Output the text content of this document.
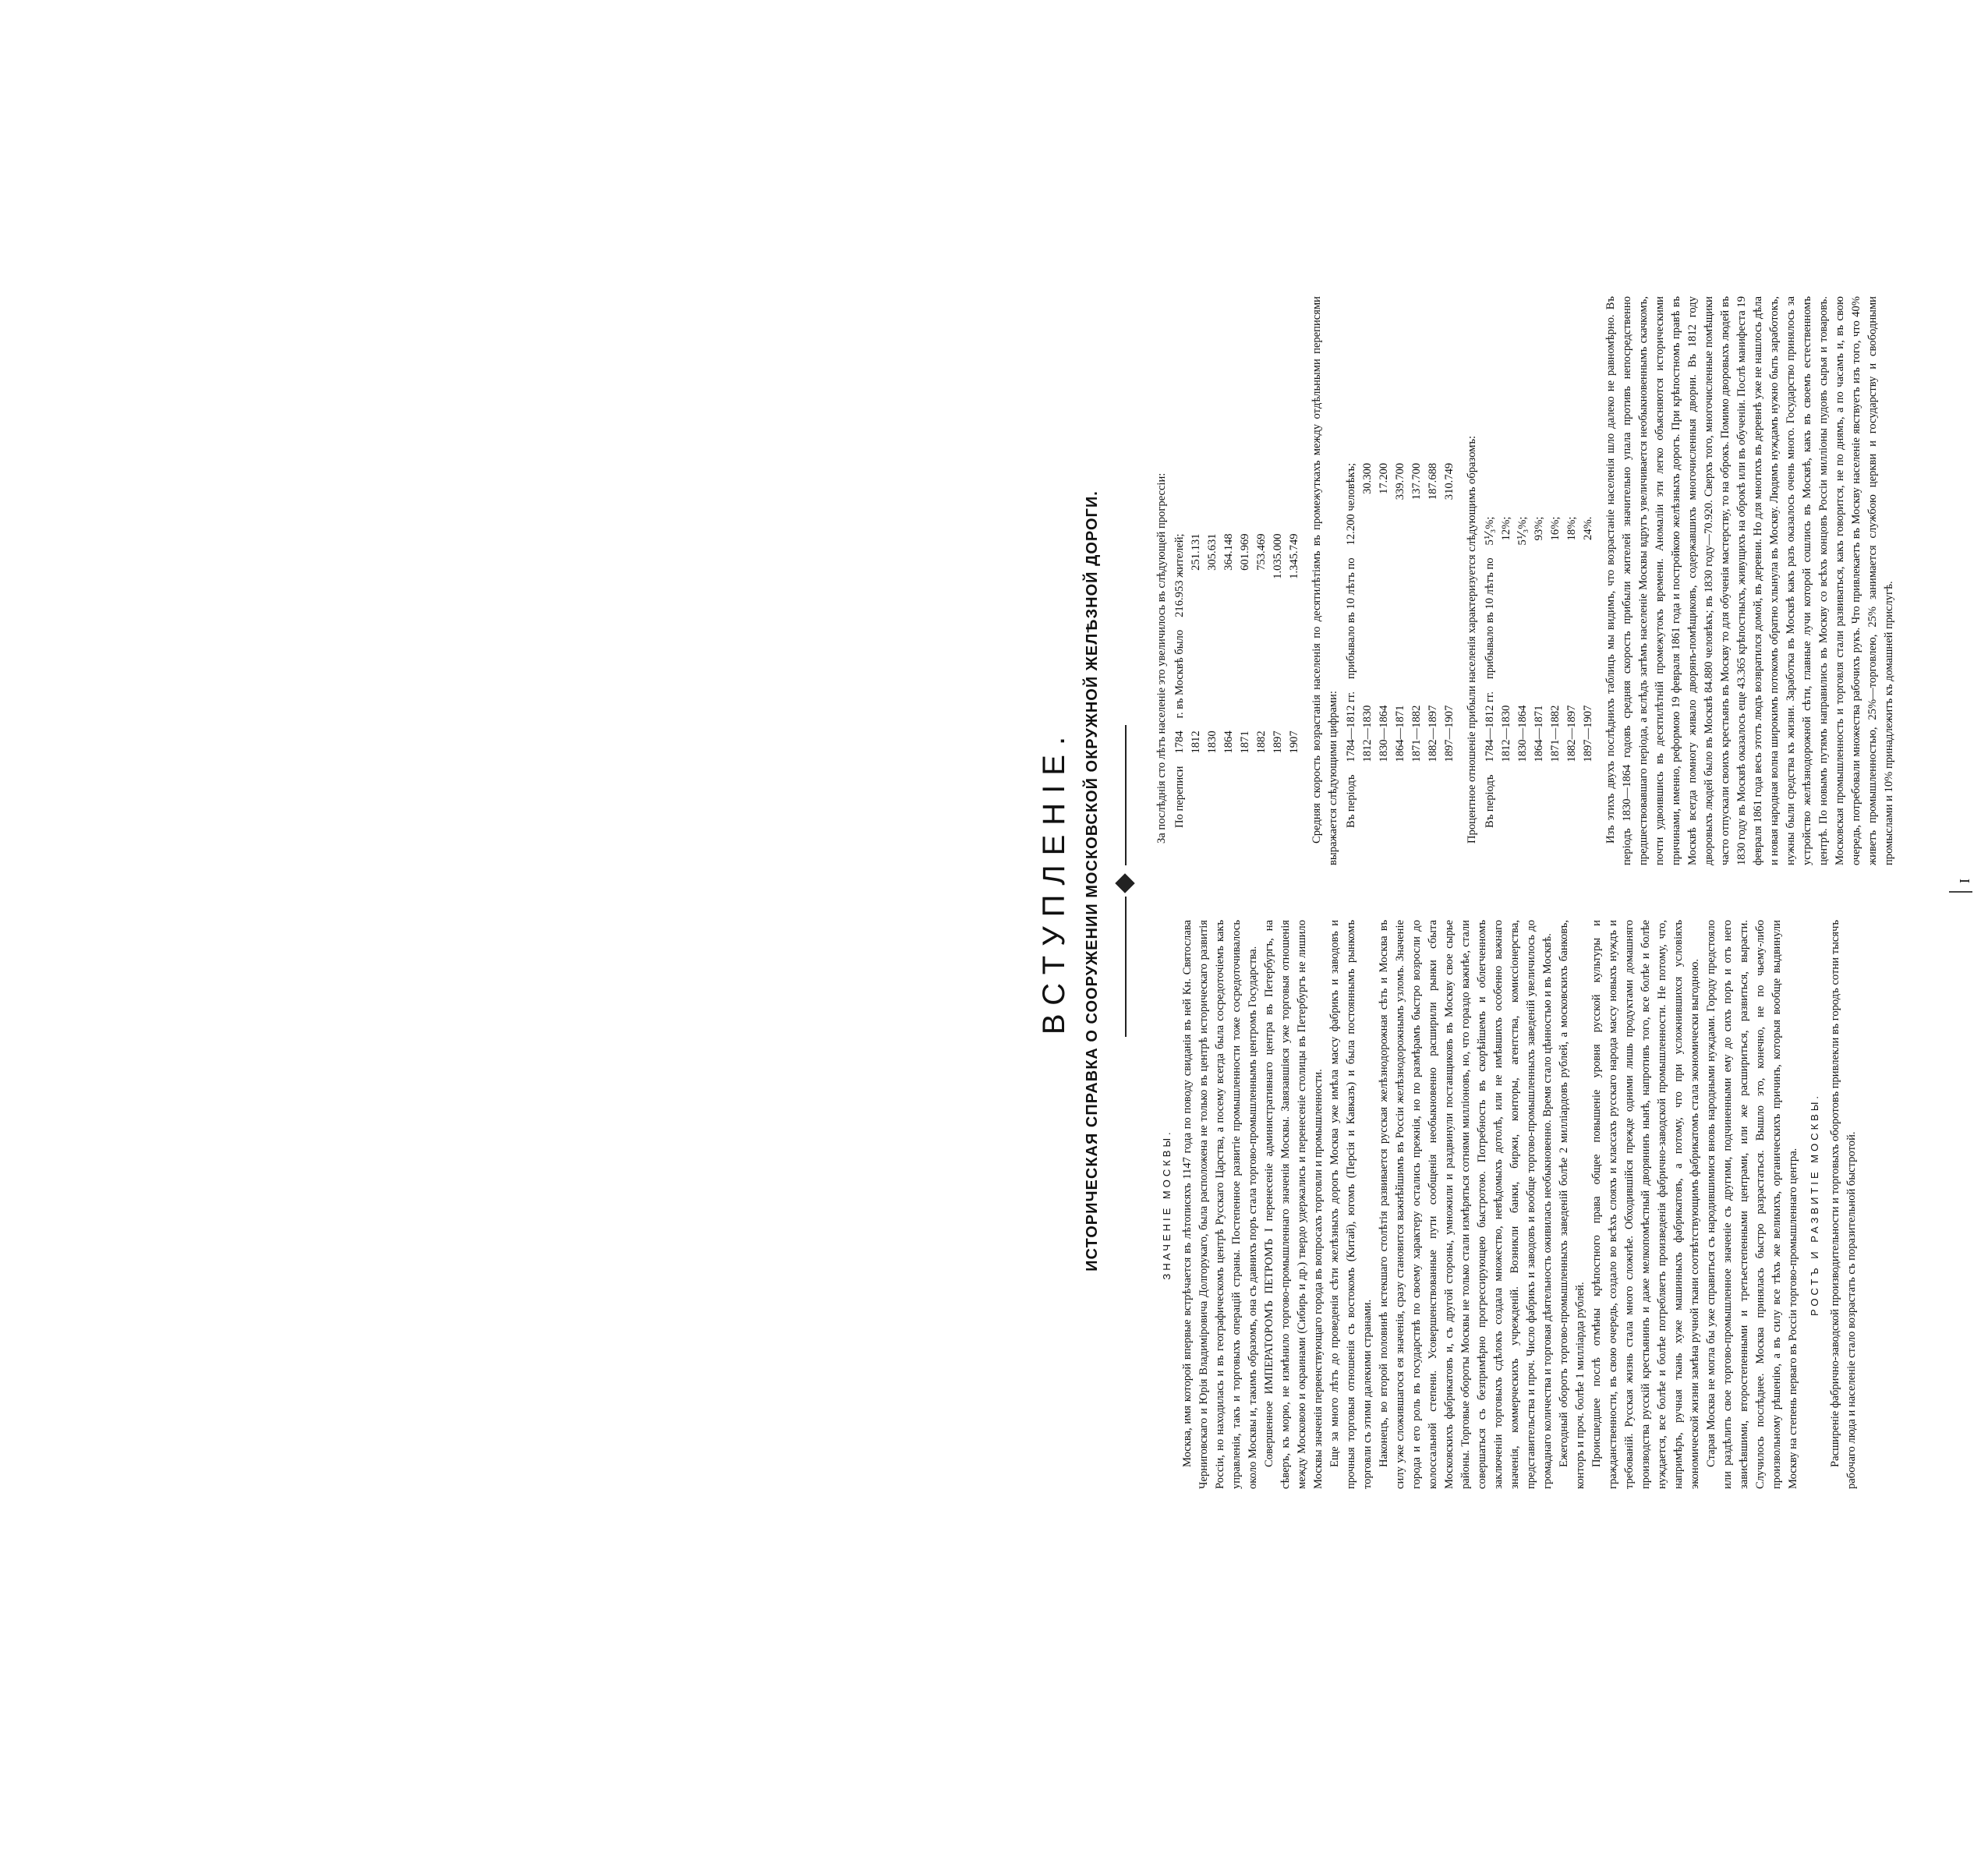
ВСТУПЛЕНІЕ. ИСТОРИЧЕСКАЯ СПРАВКА О СООРУЖЕНИИ МОСКОВСКОЙ ОКРУЖНОЙ ЖЕЛѢЗНОЙ ДОРОГИ.	ЗНАЧЕНІЕ МОСКВЫ. Москва, имя которой впервые встрѣчается въ лѣтописяхъ 1147 года по поводу свиданія въ ней Кн. Святослава Черниговскаго и Юрія Владиміровича Долгорукаго, была расположена не только въ центрѣ историческаго развитія Россіи, но находилась и въ географическомъ центрѣ Русскаго Царства, а посему всегда была сосредоточіемъ какъ управленія, такъ и торговыхъ операцій страны. Постепенное развитіе промышленности тоже сосредоточивалось около Москвы и, такимъ образомъ, она съ давнихъ поръ стала торгово-промышленнымъ центромъ Государства. Совершенное ИМПЕРАТОРОМЪ ПЕТРОМЪ I перенесеніе административнаго центра въ Петербургъ, на сѣверъ, къ морю, не измѣнило торгово-промышленнаго значенія Москвы. Завязавшіяся уже торговыя отношенія между Московою и окраинами (Сибирь и др.) твердо удержались и перенесеніе столицы въ Петербургъ не лишило Москвы значенія первенствующаго города въ вопросахъ торговли и промышленности. Еще за много лѣтъ до проведенія сѣти желѣзныхъ дорогъ Москва уже имѣла массу фабрикъ и заводовъ и прочныя торговыя отношенія съ востокомъ (Китай), югомъ (Персія и Кавказъ) и была постояннымъ рынкомъ торговли съ этими далекими странами. Наконецъ, во второй половинѣ истекшаго столѣтія развивается русская желѣзнодорожная сѣть и Москва въ силу уже сложившагося ея значенія, сразу становится важнѣйшимъ въ Россіи желѣзнодорожнымъ узломъ. Значеніе города и его роль въ государствѣ по своему характеру остались прежнія, но по размѣрамъ быстро возросли до колоссальной степени. Усовершенствованные пути сообщенія необыкновенно расширили рынки сбыта Московскихъ фабрикатовъ и, съ другой стороны, умножили и раздвинули поставщиковъ въ Москву свое сырье районы. Торговые обороты Москвы не только стали измѣряться сотнями милліоновъ, но, что гораздо важнѣе, стали совершаться съ безпримѣрно прогрессирующею быстротою. Потребность въ скорѣйшемъ и облегченномъ заключеніи торговыхъ сдѣлокъ создала множество, невѣдомыхъ дотолѣ, или не имѣвшихъ особенно важнаго значенія, коммерческихъ учрежденій. Возникли банки, биржи, конторы, агентства, комиссіонерства, представительства и проч. Число фабрикъ и заводовъ и вообще торгово-промышленныхъ заведеній увеличилось до громаднаго количества и торговая дѣятельность оживилась необыкновенно. Время стало цѣнностью и въ Москвѣ. Ежегодный оборотъ торгово-промышленныхъ заведеній болѣе 2 милліардовъ рублей, а московскихъ банковъ, конторъ и проч. болѣе 1 милліарда рублей. Происшедшее послѣ отмѣны крѣпостного права общее повышеніе уровня русской культуры и гражданственности, въ свою очередь, создало во всѣхъ слояхъ и классахъ русскаго народа массу новыхъ нуждъ и требованій. Русская жизнь стала много сложнѣе. Обходившійся прежде одними лишь продуктами домашняго производства русскій крестьянинъ и даже мелкопомѣстный дворянинъ нынѣ, напротивъ того, все болѣе и болѣе нуждается, все болѣе и болѣе потребляетъ произведенія фабрично-заводской промышленности. Не потому, что, напримѣръ, ручная ткань хуже машинныхъ фабрикатовъ, а потому, что при усложнившихся условіяхъ экономической жизни замѣна ручной ткани соотвѣтствующимъ фабрикатомъ стала экономически выгодною. Старая Москва не могла бы уже справиться съ народившимися вновь народными нуждами. Городу предстояло или раздѣлить свое торгово-промышленное значеніе съ другими, подчиненными ему до сихъ поръ и отъ него зависѣвшими, второстепенными и третьестепенными центрами, или же расшириться, развиться, вырасти. Случилось послѣднее. Москва принялась быстро разрастаться. Вышло это, конечно, не по чьему-либо произвольному рѣшенію, а въ силу все тѣхъ же великихъ, органическихъ причинъ, которыя вообще выдвинули Москву на степень перваго въ Россіи торгово-промышленнаго центра. РОСТЪ И РАЗВИТІЕ МОСКВЫ. Расширеніе фабрично-заводской производительности и торговыхъ оборотовъ привлекли въ городъ сотни тысячъ рабочаго люда и населеніе стало возрастать съ поразительной быстротой.

За послѣднія сто лѣтъ населеніе это увеличилось въ слѣдующей прогрессіи: По переписи	1784	г. въ Москвѣ было	216.953 жителей;
	1812		251.131
	1830		305.631
	1864		364.148
	1871		601.969
	1882		753.469
	1897		1.035.000
	1907		1.345.749 Средняя скорость возрастанія населенія по десятилѣтіямъ въ промежуткахъ между отдѣльными переписями выражается слѣдующими цифрами: Въ періодъ	1784—1812 гг.	прибывало въ 10 лѣтъ по	12.200 человѣкъ;
	1812—1830		30.300
	1830—1864		17.200
	1864—1871		339.700
	1871—1882		137.700
	1882—1897		187.688
	1897—1907		310.749 Процентное отношеніе прибыли населенія характеризуется слѣдующимъ образомъ: Въ періодъ	1784—1812 гг.	прибывало въ 10 лѣтъ по	5⅟₃%;
	1812—1830		12%;
	1830—1864		5⅟₃%;
	1864—1871		93%;
	1871—1882		16%;
	1882—1897		18%;
	1897—1907		24%. Изъ этихъ двухъ послѣднихъ таблицъ мы видимъ, что возрастаніе населенія шло далеко не равномѣрно. Въ періодъ 1830—1864 годовъ средняя скорость прибыли жителей значительно упала противъ непосредственно предшествовавшаго періода, а вслѣдъ затѣмъ населеніе Москвы вдругъ увеличивается необыкновеннымъ скачкомъ, почти удвоившись въ десятилѣтній промежутокъ времени. Аномаліи эти легко объясняются историческими причинами, именно, реформою 19 февраля 1861 года и постройкою желѣзныхъ дорогъ. При крѣпостномъ правѣ въ Москвѣ всегда помногу живало дворянъ-помѣщиковъ, содержавшихъ многочисленныя дворни. Въ 1812 году дворовыхъ людей было въ Москвѣ 84.880 человѣкъ; въ 1830 году—70.920. Сверхъ того, многочисленные помѣщики часто отпускали своихъ крестьянъ въ Москву то для обученія мастерству, то на оброкъ. Помимо дворовыхъ людей въ 1830 году въ Москвѣ оказалось еще 43.365 крѣпостныхъ, живущихъ на оброкѣ или въ обученіи. Послѣ манифеста 19 февраля 1861 года весь этотъ людъ возвратился домой, въ деревни. Но для многихъ въ деревнѣ уже не нашлось дѣла и новая народная волна широкимъ потокомъ обратно хлынула въ Москву. Людямъ нуждамъ нужно быть заработокъ, нужны были средства къ жизни. Заработка въ Москвѣ какъ разъ оказалось очень много. Государство принялось за устройство желѣзнодорожной сѣти, главные лучи которой сошлись въ Москвѣ, какъ въ своемъ естественномъ центрѣ. По новымъ путямъ направились въ Москву со всѣхъ концовъ Россіи милліоны пудовъ сырья и товаровъ. Московская промышленность и торговля стали развиваться, какъ говорится, не по днямъ, а по часамъ и, въ свою очередь, потребовали множества рабочихъ рукъ. Что привлекаетъ въ Москву населеніе явствуетъ изъ того, что 40% живетъ промышленностью, 25%—торговлею, 25% занимается службою церкви и государству и свободными промыслами и 10% принадлежитъ къ домашней прислугѣ.

I
